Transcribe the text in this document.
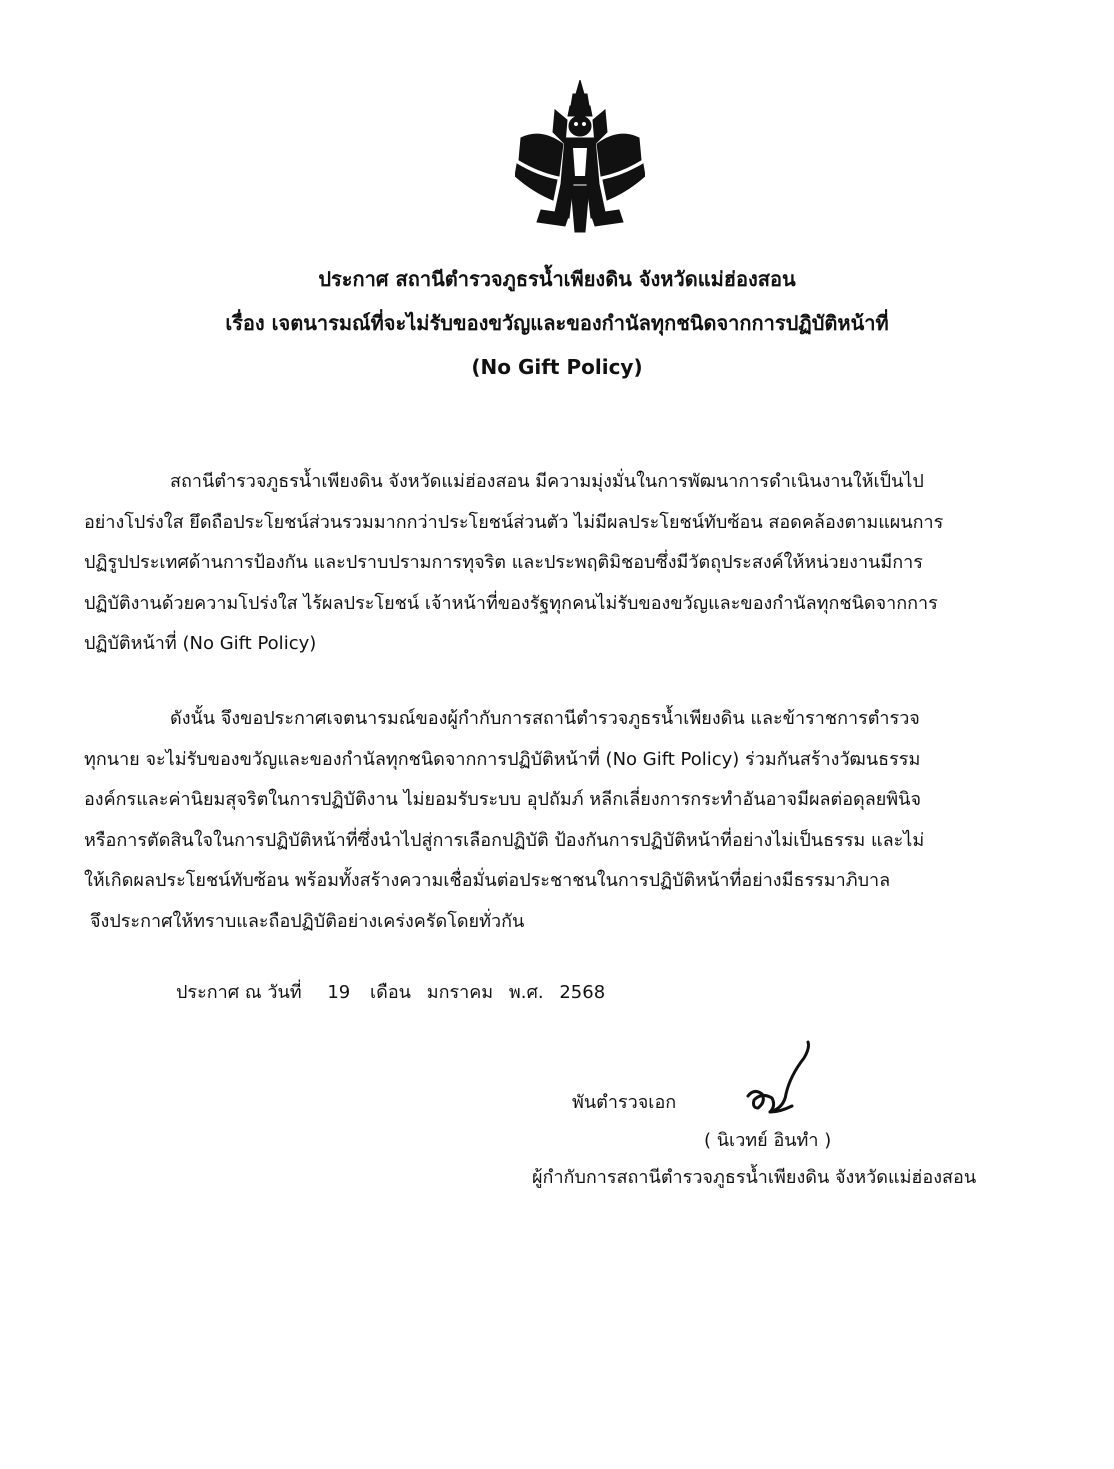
ประกาศ สถานีตำรวจภูธรน้ำเพียงดิน จังหวัดแม่ฮ่องสอน
เรื่อง เจตนารมณ์ที่จะไม่รับของขวัญและของกำนัลทุกชนิดจากการปฏิบัติหน้าที่
(No Gift Policy)
สถานีตำรวจภูธรน้ำเพียงดิน จังหวัดแม่ฮ่องสอน มีความมุ่งมั่นในการพัฒนาการดำเนินงานให้เป็นไป
อย่างโปร่งใส ยึดถือประโยชน์ส่วนรวมมากกว่าประโยชน์ส่วนตัว ไม่มีผลประโยชน์ทับซ้อน สอดคล้องตามแผนการ
ปฏิรูปประเทศด้านการป้องกัน และปราบปรามการทุจริต และประพฤติมิชอบซึ่งมีวัตถุประสงค์ให้หน่วยงานมีการ
ปฏิบัติงานด้วยความโปร่งใส ไร้ผลประโยชน์ เจ้าหน้าที่ของรัฐทุกคนไม่รับของขวัญและของกำนัลทุกชนิดจากการ
ปฏิบัติหน้าที่ (No Gift Policy)
ดังนั้น จึงขอประกาศเจตนารมณ์ของผู้กำกับการสถานีตำรวจภูธรน้ำเพียงดิน และข้าราชการตำรวจ
ทุกนาย จะไม่รับของขวัญและของกำนัลทุกชนิดจากการปฏิบัติหน้าที่ (No Gift Policy) ร่วมกันสร้างวัฒนธรรม
องค์กรและค่านิยมสุจริตในการปฏิบัติงาน ไม่ยอมรับระบบ อุปถัมภ์ หลีกเลี่ยงการกระทำอันอาจมีผลต่อดุลยพินิจ
หรือการตัดสินใจในการปฏิบัติหน้าที่ซึ่งนำไปสู่การเลือกปฏิบัติ ป้องกันการปฏิบัติหน้าที่อย่างไม่เป็นธรรม และไม่
ให้เกิดผลประโยชน์ทับซ้อน พร้อมทั้งสร้างความเชื่อมั่นต่อประชาชนในการปฏิบัติหน้าที่อย่างมีธรรมาภิบาล
จึงประกาศให้ทราบและถือปฏิบัติอย่างเคร่งครัดโดยทั่วกัน
ประกาศ ณ วันที่ 19 เดือน มกราคม พ.ศ. 2568
พันตำรวจเอก
( นิเวทย์ อินทำ )
ผู้กำกับการสถานีตำรวจภูธรน้ำเพียงดิน จังหวัดแม่ฮ่องสอน
